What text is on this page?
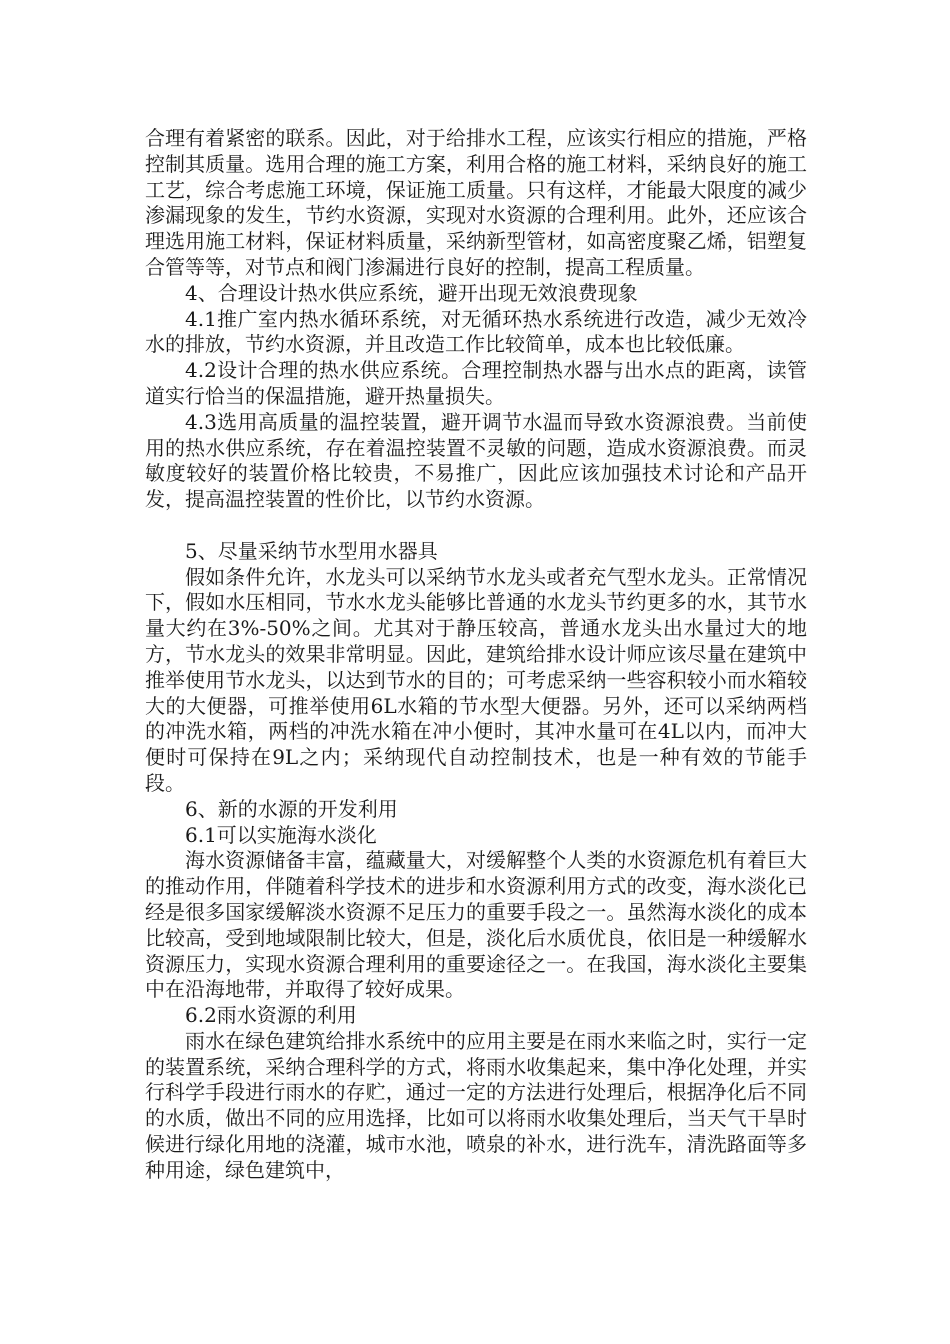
合理有着紧密的联系。因此，对于给排水工程，应该实行相应的措施，严格控制其质量。选用合理的施工方案，利用合格的施工材料，采纳良好的施工工艺，综合考虑施工环境，保证施工质量。只有这样，才能最大限度的减少渗漏现象的发生，节约水资源，实现对水资源的合理利用。此外，还应该合理选用施工材料，保证材料质量，采纳新型管材，如高密度聚乙烯，铝塑复合管等等，对节点和阀门渗漏进行良好的控制，提高工程质量。

4、合理设计热水供应系统，避开出现无效浪费现象

4.1推广室内热水循环系统，对无循环热水系统进行改造，减少无效冷水的排放，节约水资源，并且改造工作比较简单，成本也比较低廉。

4.2设计合理的热水供应系统。合理控制热水器与出水点的距离，读管道实行恰当的保温措施，避开热量损失。

4.3选用高质量的温控装置，避开调节水温而导致水资源浪费。当前使用的热水供应系统，存在着温控装置不灵敏的问题，造成水资源浪费。而灵敏度较好的装置价格比较贵，不易推广，因此应该加强技术讨论和产品开发，提高温控装置的性价比，以节约水资源。

5、尽量采纳节水型用水器具

假如条件允许，水龙头可以采纳节水龙头或者充气型水龙头。正常情况下，假如水压相同，节水水龙头能够比普通的水龙头节约更多的水，其节水量大约在3%-50%之间。尤其对于静压较高，普通水龙头出水量过大的地方，节水龙头的效果非常明显。因此，建筑给排水设计师应该尽量在建筑中推举使用节水龙头，以达到节水的目的；可考虑采纳一些容积较小而水箱较大的大便器，可推举使用6L水箱的节水型大便器。另外，还可以采纳两档的冲洗水箱，两档的冲洗水箱在冲小便时，其冲水量可在4L以内，而冲大便时可保持在9L之内；采纳现代自动控制技术，也是一种有效的节能手段。

6、新的水源的开发利用

6.1可以实施海水淡化

海水资源储备丰富，蕴藏量大，对缓解整个人类的水资源危机有着巨大的推动作用，伴随着科学技术的进步和水资源利用方式的改变，海水淡化已经是很多国家缓解淡水资源不足压力的重要手段之一。虽然海水淡化的成本比较高，受到地域限制比较大，但是，淡化后水质优良，依旧是一种缓解水资源压力，实现水资源合理利用的重要途径之一。在我国，海水淡化主要集中在沿海地带，并取得了较好成果。

6.2雨水资源的利用

雨水在绿色建筑给排水系统中的应用主要是在雨水来临之时，实行一定的装置系统，采纳合理科学的方式，将雨水收集起来，集中净化处理，并实行科学手段进行雨水的存贮，通过一定的方法进行处理后，根据净化后不同的水质，做出不同的应用选择，比如可以将雨水收集处理后，当天气干旱时候进行绿化用地的浇灌，城市水池，喷泉的补水，进行洗车，清洗路面等多种用途，绿色建筑中，
